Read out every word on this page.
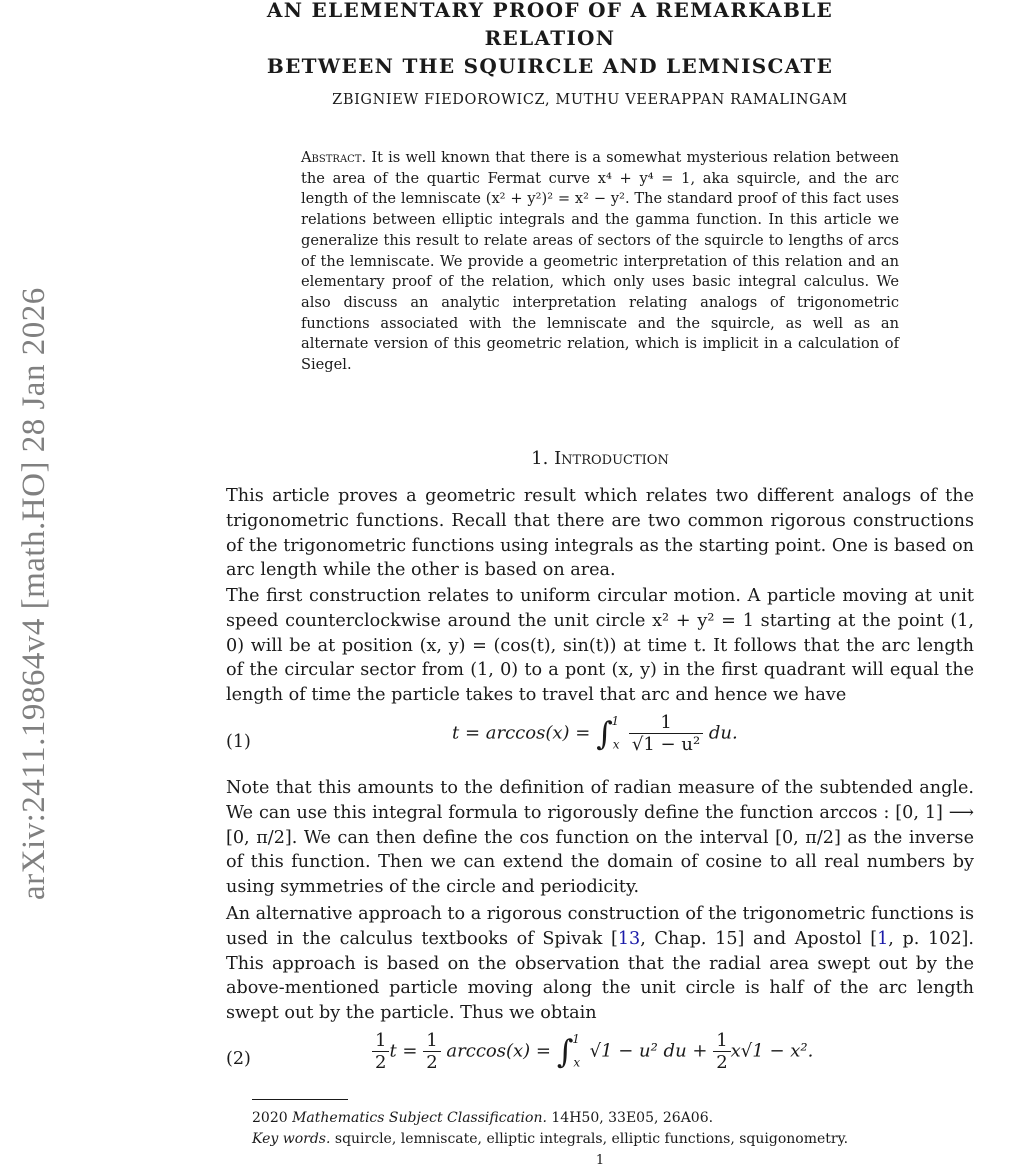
arXiv:2411.19864v4 [math.HO] 28 Jan 2026
AN ELEMENTARY PROOF OF A REMARKABLE RELATION
BETWEEN THE SQUIRCLE AND LEMNISCATE
ZBIGNIEW FIEDOROWICZ, MUTHU VEERAPPAN RAMALINGAM
Abstract. It is well known that there is a somewhat mysterious relation between the area of the quartic Fermat curve x⁴ + y⁴ = 1, aka squircle, and the arc length of the lemniscate (x² + y²)² = x² − y². The standard proof of this fact uses relations between elliptic integrals and the gamma function. In this article we generalize this result to relate areas of sectors of the squircle to lengths of arcs of the lemniscate. We provide a geometric interpretation of this relation and an elementary proof of the relation, which only uses basic integral calculus. We also discuss an analytic interpretation relating analogs of trigonometric functions associated with the lemniscate and the squircle, as well as an alternate version of this geometric relation, which is implicit in a calculation of Siegel.
1. Introduction
This article proves a geometric result which relates two different analogs of the trigonometric functions. Recall that there are two common rigorous constructions of the trigonometric functions using integrals as the starting point. One is based on arc length while the other is based on area.
The first construction relates to uniform circular motion. A particle moving at unit speed counterclockwise around the unit circle x² + y² = 1 starting at the point (1, 0) will be at position (x, y) = (cos(t), sin(t)) at time t. It follows that the arc length of the circular sector from (1, 0) to a pont (x, y) in the first quadrant will equal the length of time the particle takes to travel that arc and hence we have
(1)	$t = \arccos(x) = \int_x^1 \frac{1}{\text{√1 − u²}}$ du.
Note that this amounts to the definition of radian measure of the subtended angle. We can use this integral formula to rigorously define the function arccos : [0, 1] ⟶ [0, π/2]. We can then define the cos function on the interval [0, π/2] as the inverse of this function. Then we can extend the domain of cosine to all real numbers by using symmetries of the circle and periodicity.
An alternative approach to a rigorous construction of the trigonometric functions is used in the calculus textbooks of Spivak [13, Chap. 15] and Apostol [1, p. 102]. This approach is based on the observation that the radial area swept out by the above-mentioned particle moving along the unit circle is half of the arc length swept out by the particle. Thus we obtain
(2)	$\frac{1}{2}$ $t = \frac{1}{2} \arccos(x) = \int_x^1$ √1 − u² du + $\frac{1}{2} x√1 - x^2$.
2020 Mathematics Subject Classification. 14H50, 33E05, 26A06.
Key words. squircle, lemniscate, elliptic integrals, elliptic functions, squigonometry.
1
